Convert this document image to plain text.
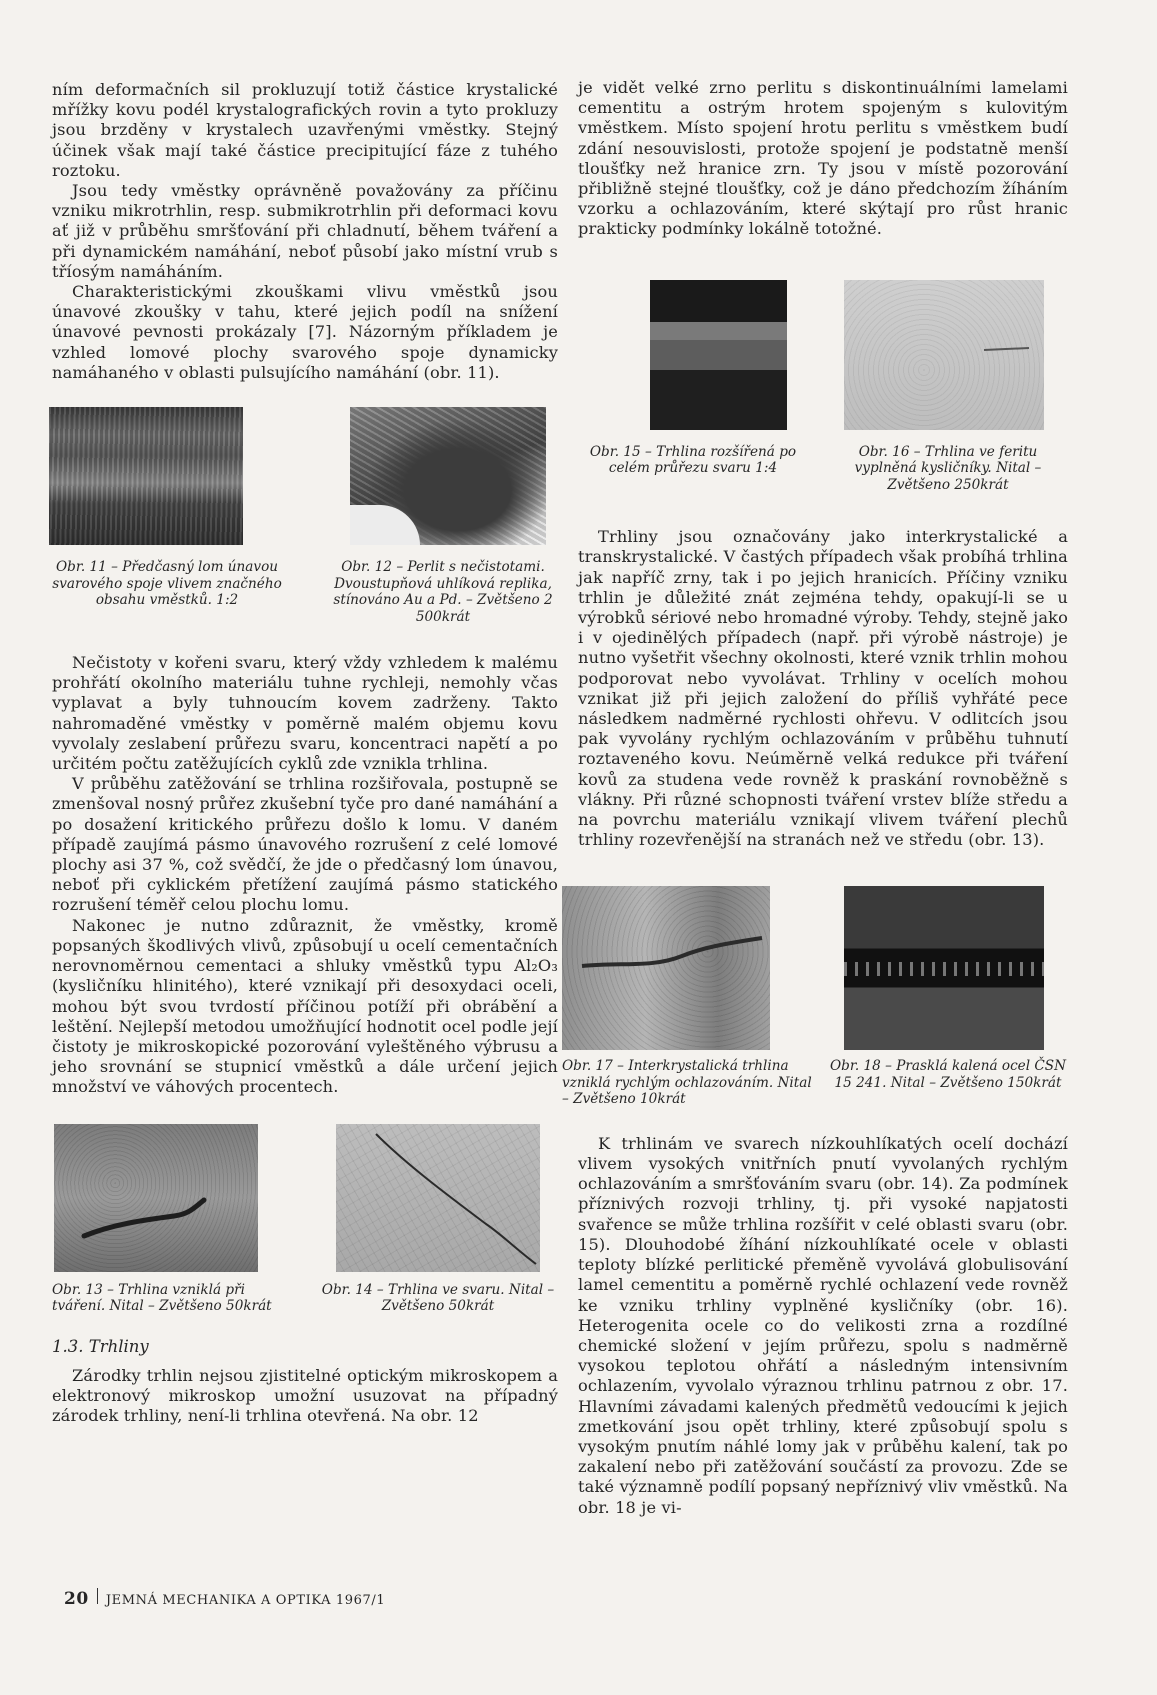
ním deformačních sil prokluzují totiž částice krystalické mřížky kovu podél krystalografických rovin a tyto prokluzy jsou brzděny v krystalech uzavřenými vměstky. Stejný účinek však mají také částice precipitující fáze z tuhého roztoku.

Jsou tedy vměstky oprávněně považovány za příčinu vzniku mikrotrhlin, resp. submikrotrhlin při deformaci kovu ať již v průběhu smršťování při chladnutí, během tváření a při dynamickém namáhání, neboť působí jako místní vrub s tříosým namáháním.

Charakteristickými zkouškami vlivu vměstků jsou únavové zkoušky v tahu, které jejich podíl na snížení únavové pevnosti prokázaly [7]. Názorným příkladem je vzhled lomové plochy svarového spoje dynamicky namáhaného v oblasti pulsujícího namáhání (obr. 11).

Obr. 11 – Předčasný lom únavou svarového spoje vlivem značného obsahu vměstků. 1:2
Obr. 12 – Perlit s nečistotami. Dvoustupňová uhlíková replika, stínováno Au a Pd. – Zvětšeno 2 500krát

Nečistoty v kořeni svaru, který vždy vzhledem k malému prohřátí okolního materiálu tuhne rychleji, nemohly včas vyplavat a byly tuhnoucím kovem zadrženy. Takto nahromaděné vměstky v poměrně malém objemu kovu vyvolaly zeslabení průřezu svaru, koncentraci napětí a po určitém počtu zatěžujících cyklů zde vznikla trhlina.

V průběhu zatěžování se trhlina rozšiřovala, postupně se zmenšoval nosný průřez zkušební tyče pro dané namáhání a po dosažení kritického průřezu došlo k lomu. V daném případě zaujímá pásmo únavového rozrušení z celé lomové plochy asi 37 %, což svědčí, že jde o předčasný lom únavou, neboť při cyklickém přetížení zaujímá pásmo statického rozrušení téměř celou plochu lomu.

Nakonec je nutno zdůraznit, že vměstky, kromě popsaných škodlivých vlivů, způsobují u ocelí cementačních nerovnoměrnou cementaci a shluky vměstků typu Al₂O₃ (kysličníku hlinitého), které vznikají při desoxydaci oceli, mohou být svou tvrdostí příčinou potíží při obrábění a leštění. Nejlepší metodou umožňující hodnotit ocel podle její čistoty je mikroskopické pozorování vyleštěného výbrusu a jeho srovnání se stupnicí vměstků a dále určení jejich množství ve váhových procentech.

Obr. 13 – Trhlina vzniklá při tváření. Nital – Zvětšeno 50krát
Obr. 14 – Trhlina ve svaru. Nital – Zvětšeno 50krát
1.3. Trhliny

Zárodky trhlin nejsou zjistitelné optickým mikroskopem a elektronový mikroskop umožní usuzovat na případný zárodek trhliny, není-li trhlina otevřená. Na obr. 12

je vidět velké zrno perlitu s diskontinuálními lamelami cementitu a ostrým hrotem spojeným s kulovitým vměstkem. Místo spojení hrotu perlitu s vměstkem budí zdání nesouvislosti, protože spojení je podstatně menší tloušťky než hranice zrn. Ty jsou v místě pozorování přibližně stejné tloušťky, což je dáno předchozím žíháním vzorku a ochlazováním, které skýtají pro růst hranic prakticky podmínky lokálně totožné.

Obr. 15 – Trhlina rozšířená po celém průřezu svaru 1:4
Obr. 16 – Trhlina ve feritu vyplněná kysličníky. Nital – Zvětšeno 250krát

Trhliny jsou označovány jako interkrystalické a transkrystalické. V častých případech však probíhá trhlina jak napříč zrny, tak i po jejich hranicích. Příčiny vzniku trhlin je důležité znát zejména tehdy, opakují-li se u výrobků sériové nebo hromadné výroby. Tehdy, stejně jako i v ojedinělých případech (např. při výrobě nástroje) je nutno vyšetřit všechny okolnosti, které vznik trhlin mohou podporovat nebo vyvolávat. Trhliny v ocelích mohou vznikat již při jejich založení do příliš vyhřáté pece následkem nadměrné rychlosti ohřevu. V odlitcích jsou pak vyvolány rychlým ochlazováním v průběhu tuhnutí roztaveného kovu. Neúměrně velká redukce při tváření kovů za studena vede rovněž k praskání rovnoběžně s vlákny. Při různé schopnosti tváření vrstev blíže středu a na povrchu materiálu vznikají vlivem tváření plechů trhliny rozevřenější na stranách než ve středu (obr. 13).

Obr. 17 – Interkrystalická trhlina vzniklá rychlým ochlazováním. Nital – Zvětšeno 10krát
Obr. 18 – Prasklá kalená ocel ČSN 15 241. Nital – Zvětšeno 150krát

K trhlinám ve svarech nízkouhlíkatých ocelí dochází vlivem vysokých vnitřních pnutí vyvolaných rychlým ochlazováním a smršťováním svaru (obr. 14). Za podmínek příznivých rozvoji trhliny, tj. při vysoké napjatosti svařence se může trhlina rozšířit v celé oblasti svaru (obr. 15). Dlouhodobé žíhání nízkouhlíkaté ocele v oblasti teploty blízké perlitické přeměně vyvolává globulisování lamel cementitu a poměrně rychlé ochlazení vede rovněž ke vzniku trhliny vyplněné kysličníky (obr. 16). Heterogenita ocele co do velikosti zrna a rozdílné chemické složení v jejím průřezu, spolu s nadměrně vysokou teplotou ohřátí a následným intensivním ochlazením, vyvolalo výraznou trhlinu patrnou z obr. 17. Hlavními závadami kalených předmětů vedoucími k jejich zmetkování jsou opět trhliny, které způsobují spolu s vysokým pnutím náhlé lomy jak v průběhu kalení, tak po zakalení nebo při zatěžování součástí za provozu. Zde se také významně podílí popsaný nepříznivý vliv vměstků. Na obr. 18 je vi-

20 JEMNÁ MECHANIKA A OPTIKA 1967/1
